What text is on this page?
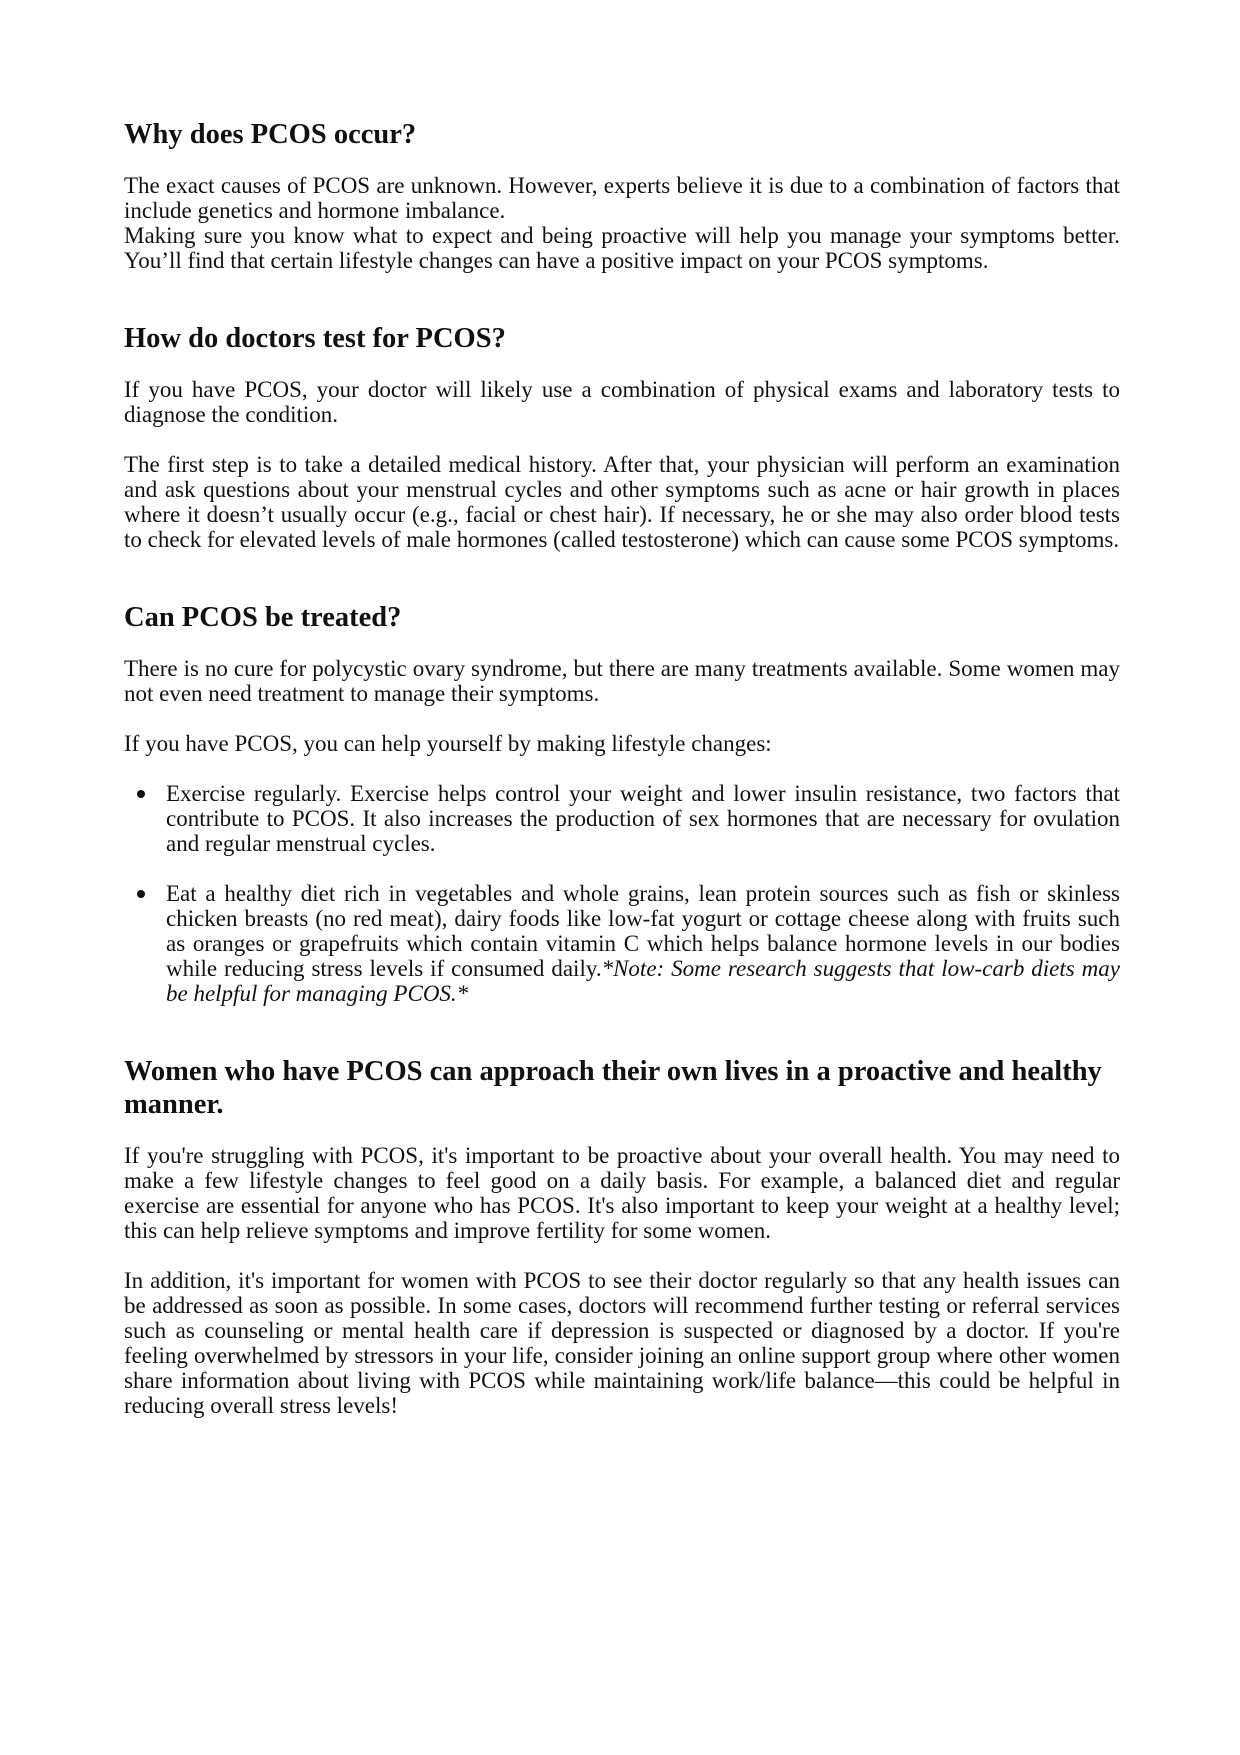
Why does PCOS occur?

The exact causes of PCOS are unknown. However, experts believe it is due to a combination of factors that include genetics and hormone imbalance.

Making sure you know what to expect and being proactive will help you manage your symptoms better. You’ll find that certain lifestyle changes can have a positive impact on your PCOS symptoms.

How do doctors test for PCOS?

If you have PCOS, your doctor will likely use a combination of physical exams and laboratory tests to diagnose the condition.

The first step is to take a detailed medical history. After that, your physician will perform an examination and ask questions about your menstrual cycles and other symptoms such as acne or hair growth in places where it doesn’t usually occur (e.g., facial or chest hair). If necessary, he or she may also order blood tests to check for elevated levels of male hormones (called testosterone) which can cause some PCOS symptoms.

Can PCOS be treated?

There is no cure for polycystic ovary syndrome, but there are many treatments available. Some women may not even need treatment to manage their symptoms.

If you have PCOS, you can help yourself by making lifestyle changes:

Exercise regularly. Exercise helps control your weight and lower insulin resistance, two factors that contribute to PCOS. It also increases the production of sex hormones that are necessary for ovulation and regular menstrual cycles.
Eat a healthy diet rich in vegetables and whole grains, lean protein sources such as fish or skinless chicken breasts (no red meat), dairy foods like low-fat yogurt or cottage cheese along with fruits such as oranges or grapefruits which contain vitamin C which helps balance hormone levels in our bodies while reducing stress levels if consumed daily.*Note: Some research suggests that low-carb diets may be helpful for managing PCOS.*
Women who have PCOS can approach their own lives in a proactive and healthy manner.

If you're struggling with PCOS, it's important to be proactive about your overall health. You may need to make a few lifestyle changes to feel good on a daily basis. For example, a balanced diet and regular exercise are essential for anyone who has PCOS. It's also important to keep your weight at a healthy level; this can help relieve symptoms and improve fertility for some women.

In addition, it's important for women with PCOS to see their doctor regularly so that any health issues can be addressed as soon as possible. In some cases, doctors will recommend further testing or referral services such as counseling or mental health care if depression is suspected or diagnosed by a doctor. If you're feeling overwhelmed by stressors in your life, consider joining an online support group where other women share information about living with PCOS while maintaining work/life balance—this could be helpful in reducing overall stress levels!
